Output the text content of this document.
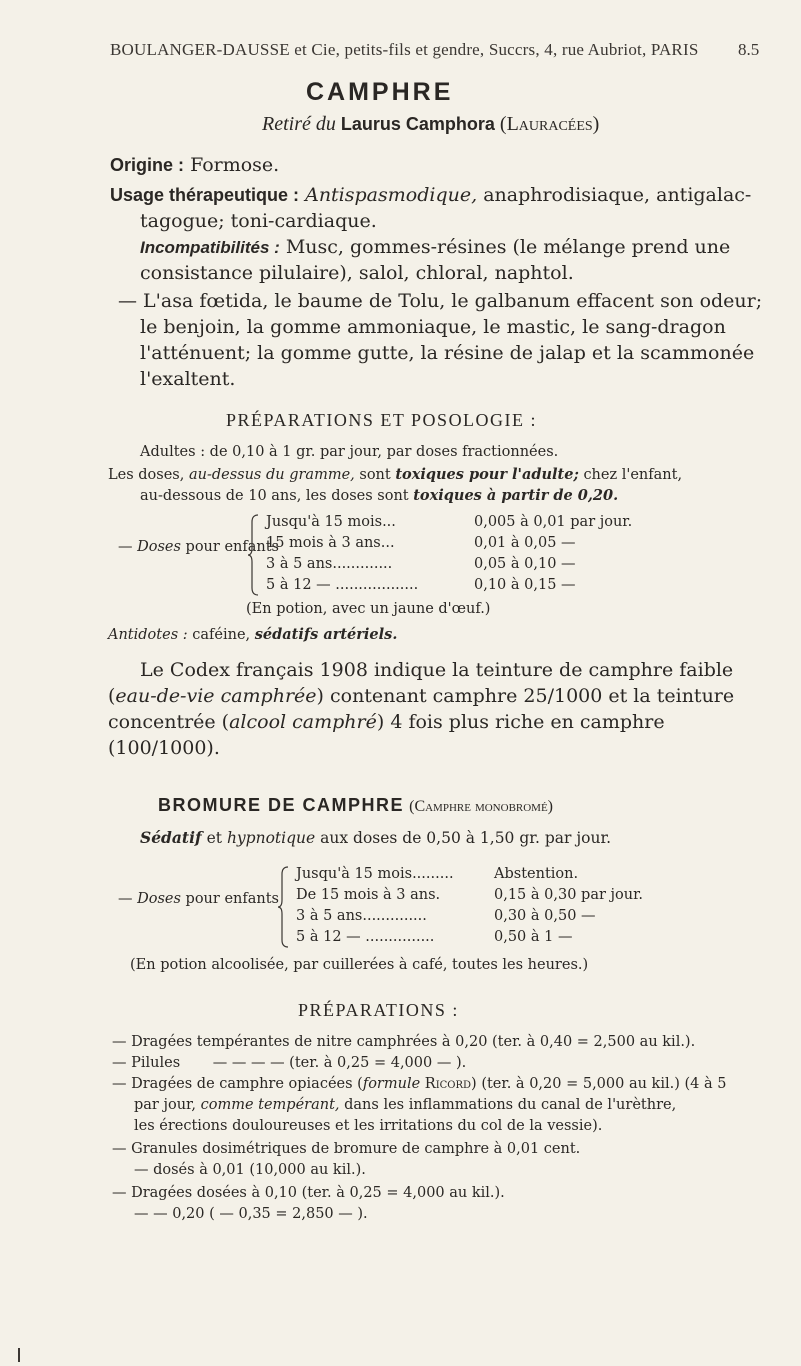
BOULANGER-DAUSSE et Cie, petits-fils et gendre, Succrs, 4, rue Aubriot, PARIS 8.5
CAMPHRE
Retiré du Laurus Camphora (Lauracées)
Origine : Formose.
Usage thérapeutique : Antispasmodique, anaphrodisiaque, antigalac-
tagogue; toni-cardiaque.
Incompatibilités : Musc, gommes-résines (le mélange prend une
consistance pilulaire), salol, chloral, naphtol.
— L'asa fœtida, le baume de Tolu, le galbanum effacent son odeur;
le benjoin, la gomme ammoniaque, le mastic, le sang-dragon
l'atténuent; la gomme gutte, la résine de jalap et la scammonée
l'exaltent.
PRÉPARATIONS ET POSOLOGIE :
Adultes : de 0,10 à 1 gr. par jour, par doses fractionnées.
Les doses, au-dessus du gramme, sont toxiques pour l'adulte; chez l'enfant,
au-dessous de 10 ans, les doses sont toxiques à partir de 0,20.
— Doses pour enfants
Jusqu'à 15 mois...	0,005 à 0,01 par jour.
15 mois à 3 ans...	0,01 à 0,05 —
3 à 5 ans.............	0,05 à 0,10 —
5 à 12 — ..................	0,10 à 0,15 —
(En potion, avec un jaune d'œuf.)
Antidotes : caféine, sédatifs artériels.
Le Codex français 1908 indique la teinture de camphre faible
(eau-de-vie camphrée) contenant camphre 25/1000 et la teinture
concentrée (alcool camphré) 4 fois plus riche en camphre
(100/1000).
BROMURE DE CAMPHRE (Camphre monobromé)
Sédatif et hypnotique aux doses de 0,50 à 1,50 gr. par jour.
— Doses pour enfants
Jusqu'à 15 mois.........	Abstention.
De 15 mois à 3 ans.	0,15 à 0,30 par jour.
3 à 5 ans..............	0,30 à 0,50 —
5 à 12 — ...............	0,50 à 1 —
(En potion alcoolisée, par cuillerées à café, toutes les heures.)
PRÉPARATIONS :
— Dragées tempérantes de nitre camphrées à 0,20 (ter. à 0,40 = 2,500 au kil.).
— Pilules — — — — (ter. à 0,25 = 4,000 — ).
— Dragées de camphre opiacées (formule Ricord) (ter. à 0,20 = 5,000 au kil.) (4 à 5
par jour, comme tempérant, dans les inflammations du canal de l'urèthre,
les érections douloureuses et les irritations du col de la vessie).
— Granules dosimétriques de bromure de camphre à 0,01 cent.
— dosés à 0,01 (10,000 au kil.).
— Dragées dosées à 0,10 (ter. à 0,25 = 4,000 au kil.).
— — 0,20 ( — 0,35 = 2,850 — ).
